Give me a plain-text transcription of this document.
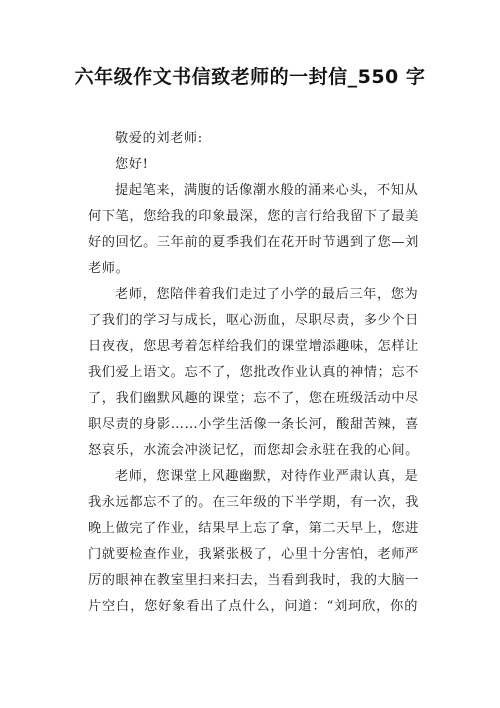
六年级作文书信致老师的一封信_550 字
敬爱的刘老师:
您好!
提起笔来，满腹的话像潮水般的涌来心头，不知从
何下笔，您给我的印象最深，您的言行给我留下了最美
好的回忆。三年前的夏季我们在花开时节遇到了您—刘
老师。
老师，您陪伴着我们走过了小学的最后三年，您为
了我们的学习与成长，呕心沥血，尽职尽责，多少个日
日夜夜，您思考着怎样给我们的课堂增添趣味，怎样让
我们爱上语文。忘不了，您批改作业认真的神情；忘不
了，我们幽默风趣的课堂；忘不了，您在班级活动中尽
职尽责的身影……小学生活像一条长河，酸甜苦辣，喜
怒哀乐，水流会冲淡记忆，而您却会永驻在我的心间。
老师，您课堂上风趣幽默，对待作业严肃认真，是
我永远都忘不了的。在三年级的下半学期，有一次，我
晚上做完了作业，结果早上忘了拿，第二天早上，您进
门就要检查作业，我紧张极了，心里十分害怕，老师严
厉的眼神在教室里扫来扫去，当看到我时，我的大脑一
片空白，您好象看出了点什么，问道：“刘珂欣，你的
